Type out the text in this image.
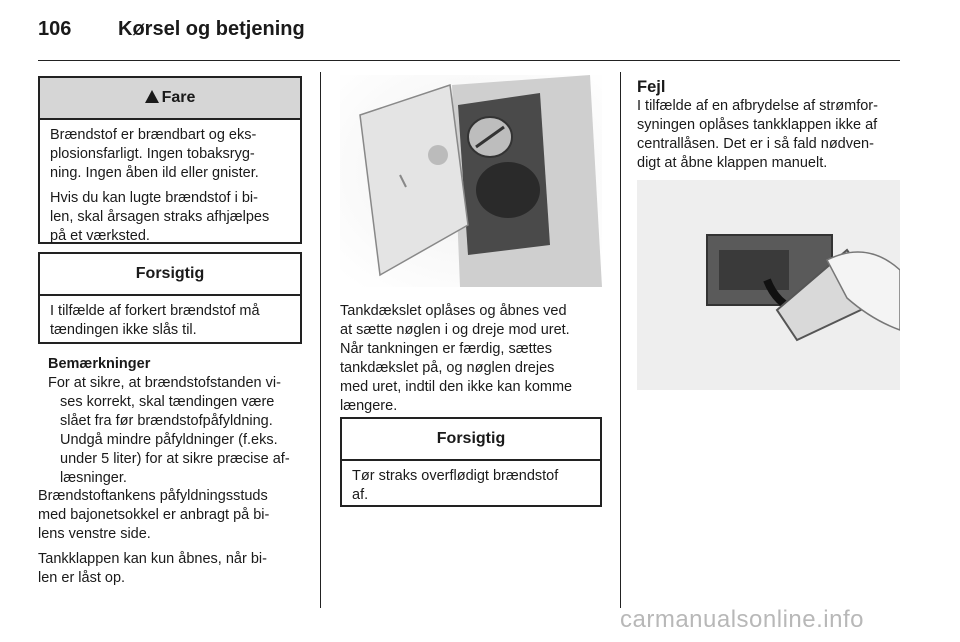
106 Kørsel og betjening
Fare

Brændstof er brændbart og eks-
plosionsfarligt. Ingen tobaksryg-
ning. Ingen åben ild eller gnister.

Hvis du kan lugte brændstof i bi-
len, skal årsagen straks afhjælpes
på et værksted.

Forsigtig
I tilfælde af forkert brændstof må
tændingen ikke slås til.
Bemærkninger
For at sikre, at brændstofstanden vi-
ses korrekt, skal tændingen være
slået fra før brændstofpåfyldning.
Undgå mindre påfyldninger (f.eks.
under 5 liter) for at sikre præcise af-
læsninger.

Brændstoftankens påfyldningsstuds
med bajonetsokkel er anbragt på bi-
lens venstre side.

Tankklappen kan kun åbnes, når bi-
len er låst op.

Tankdækslet oplåses og åbnes ved
at sætte nøglen i og dreje mod uret.
Når tankningen er færdig, sættes
tankdækslet på, og nøglen drejes
med uret, indtil den ikke kan komme
længere.
Forsigtig
Tør straks overflødigt brændstof
af.
Fejl
I tilfælde af en afbrydelse af strømfor-
syningen oplåses tankklappen ikke af
centrallåsen. Det er i så fald nødven-
digt at åbne klappen manuelt.
carmanualsonline.info
